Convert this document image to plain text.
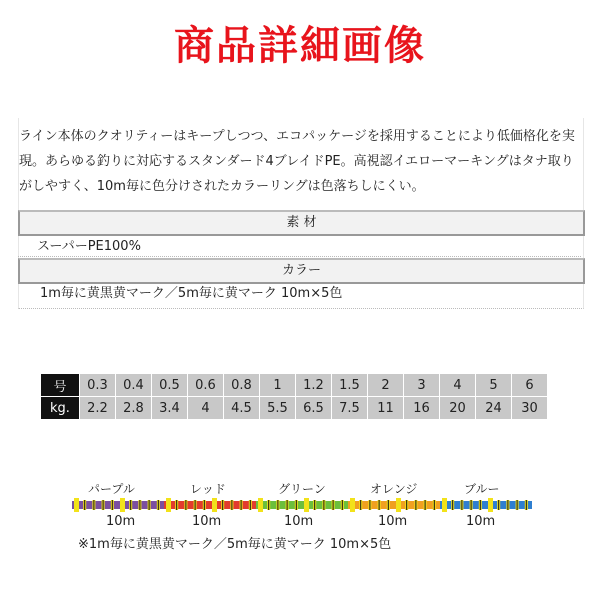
商品詳細画像
ライン本体のクオリティーはキープしつつ、エコパッケージを採用することにより低価格化を実
現。あらゆる釣りに対応するスタンダード4ブレイドPE。高視認イエローマーキングはタナ取り
がしやすく、10m毎に色分けされたカラーリングは色落ちしにくい。
素 材
スーパーPE100%
カラー
1m毎に黄黒黄マーク／5m毎に黄マーク 10m×5色
号	0.3	0.4	0.5	0.6	0.8	1	1.2	1.5	2	3	4	5	6
kg.	2.2	2.8	3.4	4	4.5	5.5	6.5	7.5	11	16	20	24	30
パープル	レッド	グリーン	オレンジ	ブルー
10m	10m	10m	10m	10m
※1m毎に黄黒黄マーク／5m毎に黄マーク 10m×5色
